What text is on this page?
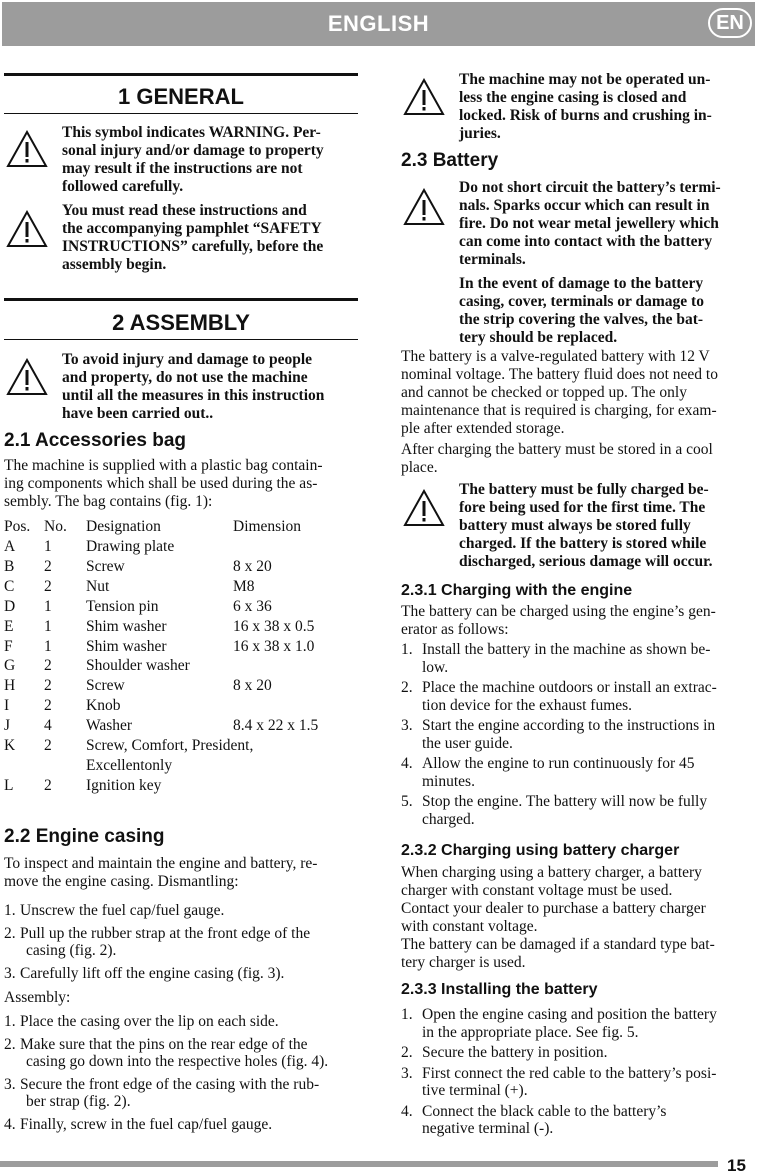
ENGLISH	EN
1 GENERAL
This symbol indicates WARNING. Per-
sonal injury and/or damage to property
may result if the instructions are not
followed carefully.
You must read these instructions and
the accompanying pamphlet “SAFETY
INSTRUCTIONS” carefully, before the
assembly begin.
2 ASSEMBLY
To avoid injury and damage to people
and property, do not use the machine
until all the measures in this instruction
have been carried out..
2.1 Accessories bag
The machine is supplied with a plastic bag contain-
ing components which shall be used during the as-
sembly. The bag contains (fig. 1):
Pos. No. Designation	Dimension
A 1 Drawing plate
B 2 Screw	8 x 20
C 2 Nut	M8
D 1 Tension pin	6 x 36
E 1 Shim washer	16 x 38 x 0.5
F 1 Shim washer	16 x 38 x 1.0
G 2 Shoulder washer
H 2 Screw	8 x 20
I 2 Knob
J 4 Washer	8.4 x 22 x 1.5
K 2 Screw, Comfort, President,
Excellentonly
L 2 Ignition key
2.2 Engine casing
To inspect and maintain the engine and battery, re-
move the engine casing. Dismantling:
1. Unscrew the fuel cap/fuel gauge.
2. Pull up the rubber strap at the front edge of the
casing (fig. 2).
3. Carefully lift off the engine casing (fig. 3).
Assembly:
1. Place the casing over the lip on each side.
2. Make sure that the pins on the rear edge of the
casing go down into the respective holes (fig. 4).
3. Secure the front edge of the casing with the rub-
ber strap (fig. 2).
4. Finally, screw in the fuel cap/fuel gauge.
The machine may not be operated un-
less the engine casing is closed and
locked. Risk of burns and crushing in-
juries.
2.3 Battery
Do not short circuit the battery’s termi-
nals. Sparks occur which can result in
fire. Do not wear metal jewellery which
can come into contact with the battery
terminals.
In the event of damage to the battery
casing, cover, terminals or damage to
the strip covering the valves, the bat-
tery should be replaced.
The battery is a valve-regulated battery with 12 V
nominal voltage. The battery fluid does not need to
and cannot be checked or topped up. The only
maintenance that is required is charging, for exam-
ple after extended storage.
After charging the battery must be stored in a cool
place.
The battery must be fully charged be-
fore being used for the first time. The
battery must always be stored fully
charged. If the battery is stored while
discharged, serious damage will occur.
2.3.1 Charging with the engine
The battery can be charged using the engine’s gen-
erator as follows:
1. Install the battery in the machine as shown be-
low.
2. Place the machine outdoors or install an extrac-
tion device for the exhaust fumes.
3. Start the engine according to the instructions in
the user guide.
4. Allow the engine to run continuously for 45
minutes.
5. Stop the engine. The battery will now be fully
charged.
2.3.2 Charging using battery charger
When charging using a battery charger, a battery
charger with constant voltage must be used.
Contact your dealer to purchase a battery charger
with constant voltage.
The battery can be damaged if a standard type bat-
tery charger is used.
2.3.3 Installing the battery
1. Open the engine casing and position the battery
in the appropriate place. See fig. 5.
2. Secure the battery in position.
3. First connect the red cable to the battery’s posi-
tive terminal (+).
4. Connect the black cable to the battery’s
negative terminal (-).
15
